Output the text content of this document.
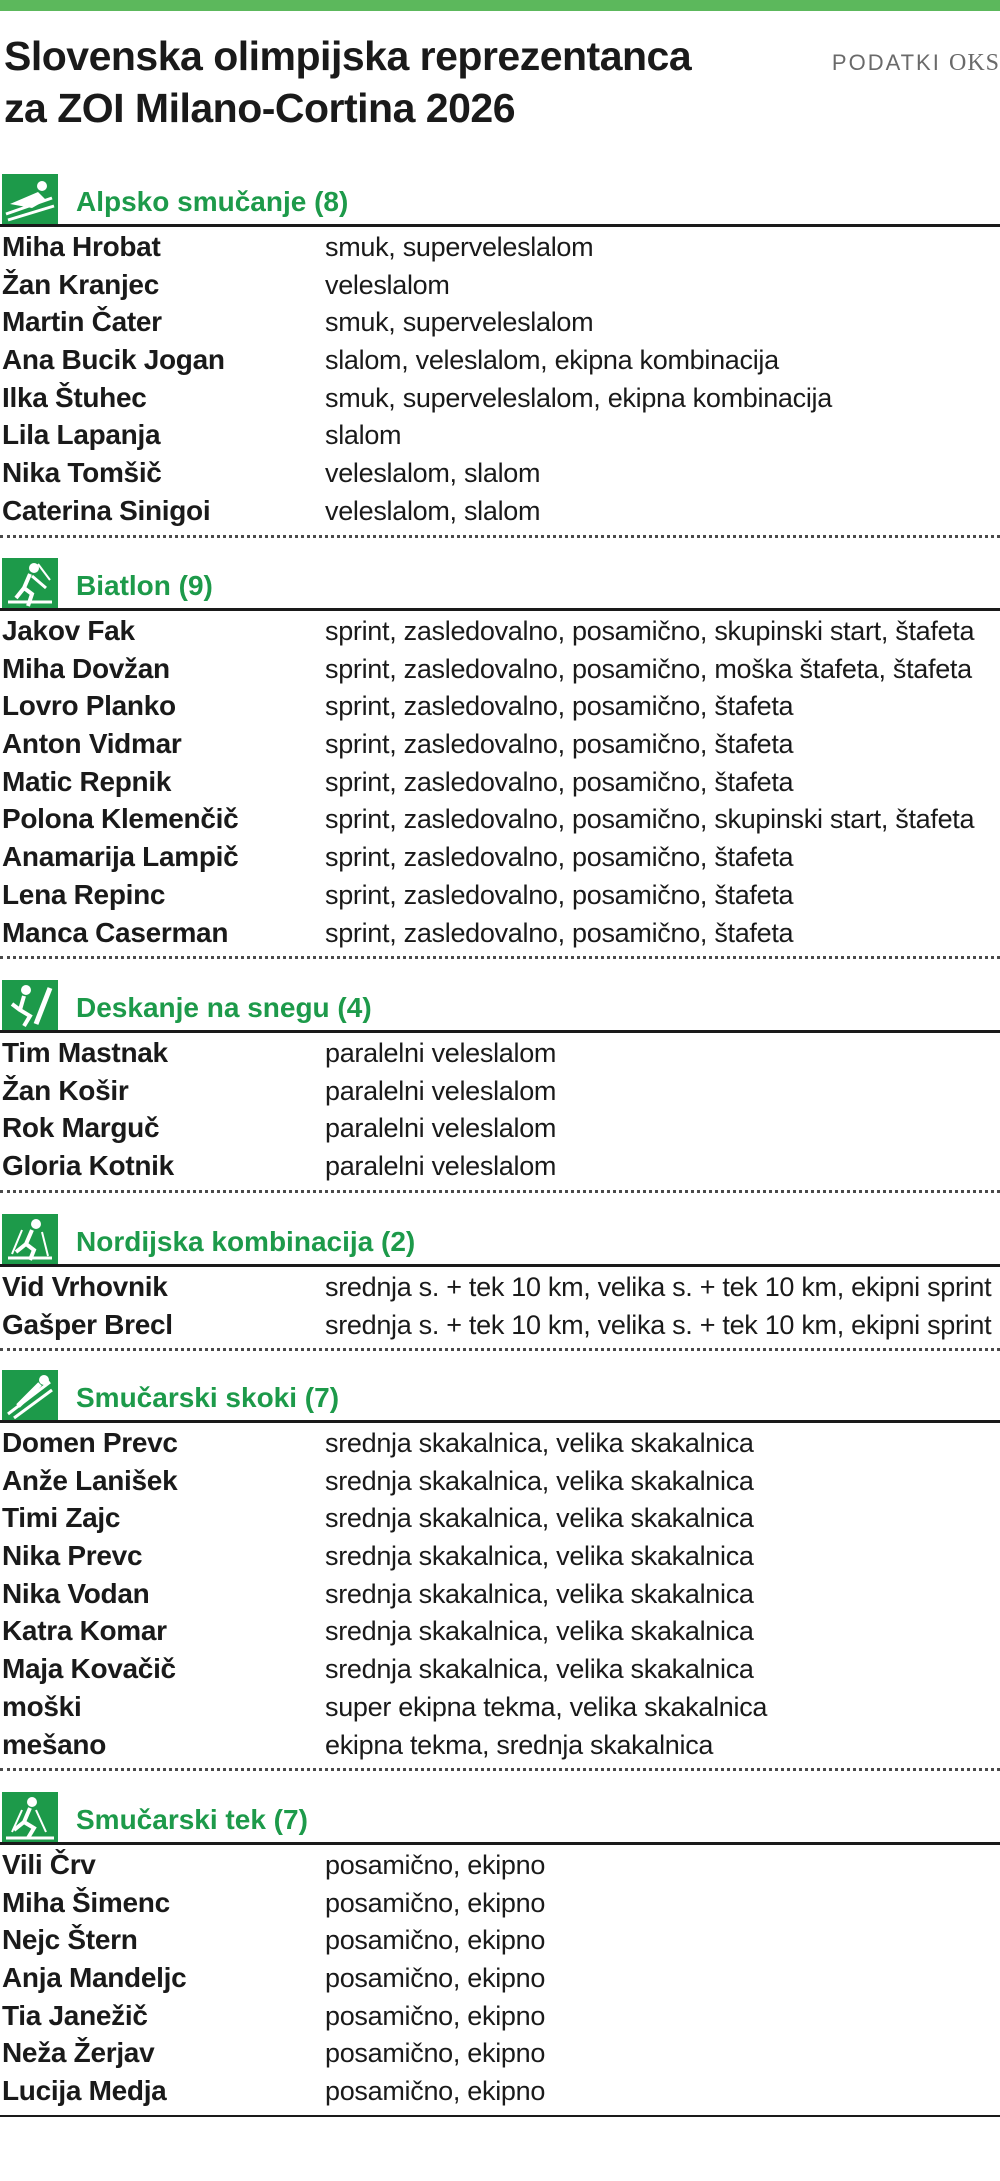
Slovenska olimpijska reprezentanca
za ZOI Milano-Cortina 2026
PODATKI OKS
Alpsko smučanje (8)
Miha Hrobat	smuk, superveleslalom
Žan Kranjec	veleslalom
Martin Čater	smuk, superveleslalom
Ana Bucik Jogan	slalom, veleslalom, ekipna kombinacija
Ilka Štuhec	smuk, superveleslalom, ekipna kombinacija
Lila Lapanja	slalom
Nika Tomšič	veleslalom, slalom
Caterina Sinigoi	veleslalom, slalom
Biatlon (9)
Jakov Fak	sprint, zasledovalno, posamično, skupinski start, štafeta
Miha Dovžan	sprint, zasledovalno, posamično, moška štafeta, štafeta
Lovro Planko	sprint, zasledovalno, posamično, štafeta
Anton Vidmar	sprint, zasledovalno, posamično, štafeta
Matic Repnik	sprint, zasledovalno, posamično, štafeta
Polona Klemenčič	sprint, zasledovalno, posamično, skupinski start, štafeta
Anamarija Lampič	sprint, zasledovalno, posamično, štafeta
Lena Repinc	sprint, zasledovalno, posamično, štafeta
Manca Caserman	sprint, zasledovalno, posamično, štafeta
Deskanje na snegu (4)
Tim Mastnak	paralelni veleslalom
Žan Košir	paralelni veleslalom
Rok Marguč	paralelni veleslalom
Gloria Kotnik	paralelni veleslalom
Nordijska kombinacija (2)
Vid Vrhovnik	srednja s. + tek 10 km, velika s. + tek 10 km, ekipni sprint
Gašper Brecl	srednja s. + tek 10 km, velika s. + tek 10 km, ekipni sprint
Smučarski skoki (7)
Domen Prevc	srednja skakalnica, velika skakalnica
Anže Lanišek	srednja skakalnica, velika skakalnica
Timi Zajc	srednja skakalnica, velika skakalnica
Nika Prevc	srednja skakalnica, velika skakalnica
Nika Vodan	srednja skakalnica, velika skakalnica
Katra Komar	srednja skakalnica, velika skakalnica
Maja Kovačič	srednja skakalnica, velika skakalnica
moški	super ekipna tekma, velika skakalnica
mešano	ekipna tekma, srednja skakalnica
Smučarski tek (7)
Vili Črv	posamično, ekipno
Miha Šimenc	posamično, ekipno
Nejc Štern	posamično, ekipno
Anja Mandeljc	posamično, ekipno
Tia Janežič	posamično, ekipno
Neža Žerjav	posamično, ekipno
Lucija Medja	posamično, ekipno
